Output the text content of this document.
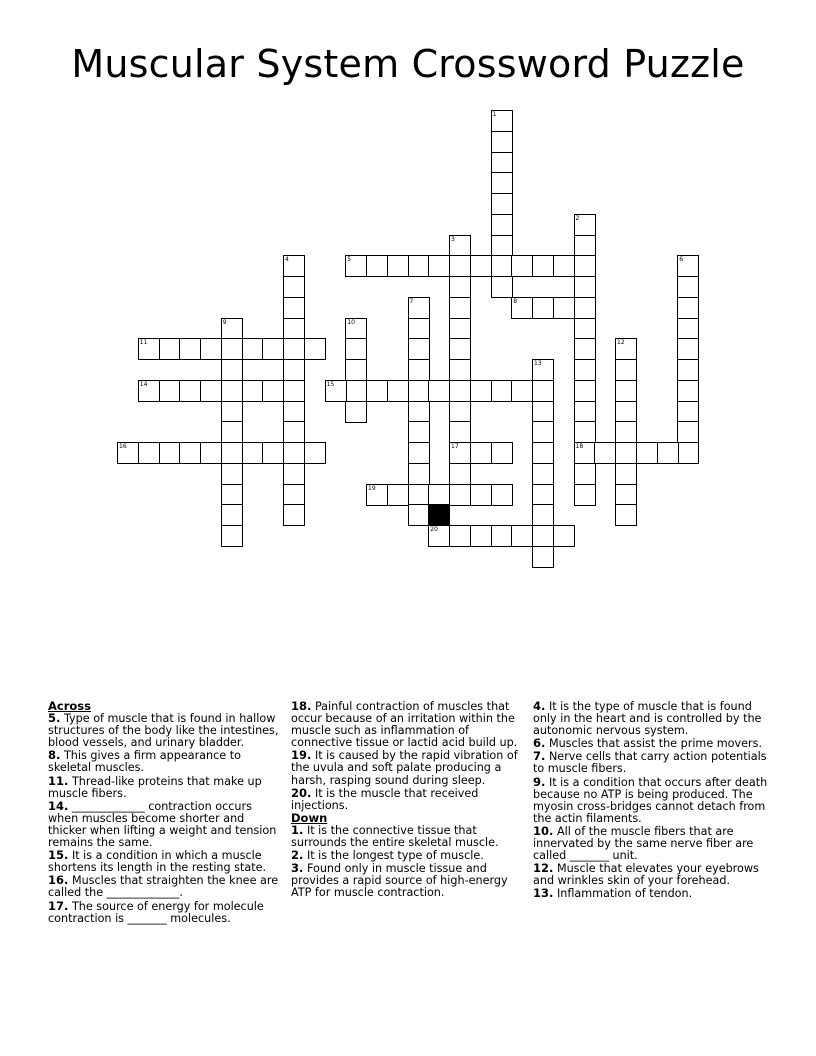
Muscular System Crossword Puzzle
1
2
18
3
17
4	6
7
9	10
12
13
5
8
11
14	15
16
19
20
Across
5. Type of muscle that is found in hallow structures of the body like the intestines, blood vessels, and urinary bladder.
8. This gives a firm appearance to skeletal muscles.
11. Thread-like proteins that make up muscle fibers.
14. _____________ contraction occurs when muscles become shorter and thicker when lifting a weight and tension remains the same.
15. It is a condition in which a muscle shortens its length in the resting state.
16. Muscles that straighten the knee are called the _____________.
17. The source of energy for molecule contraction is _______ molecules.
18. Painful contraction of muscles that occur because of an irritation within the muscle such as inflammation of connective tissue or lactid acid build up.
19. It is caused by the rapid vibration of the uvula and soft palate producing a harsh, rasping sound during sleep.
20. It is the muscle that received injections.
Down
1. It is the connective tissue that surrounds the entire skeletal muscle.
2. It is the longest type of muscle.
3. Found only in muscle tissue and provides a rapid source of high-energy ATP for muscle contraction.
4. It is the type of muscle that is found only in the heart and is controlled by the autonomic nervous system.
6. Muscles that assist the prime movers.
7. Nerve cells that carry action potentials to muscle fibers.
9. It is a condition that occurs after death because no ATP is being produced. The myosin cross-bridges cannot detach from the actin filaments.
10. All of the muscle fibers that are innervated by the same nerve fiber are called _______ unit.
12. Muscle that elevates your eyebrows and wrinkles skin of your forehead.
13. Inflammation of tendon.
